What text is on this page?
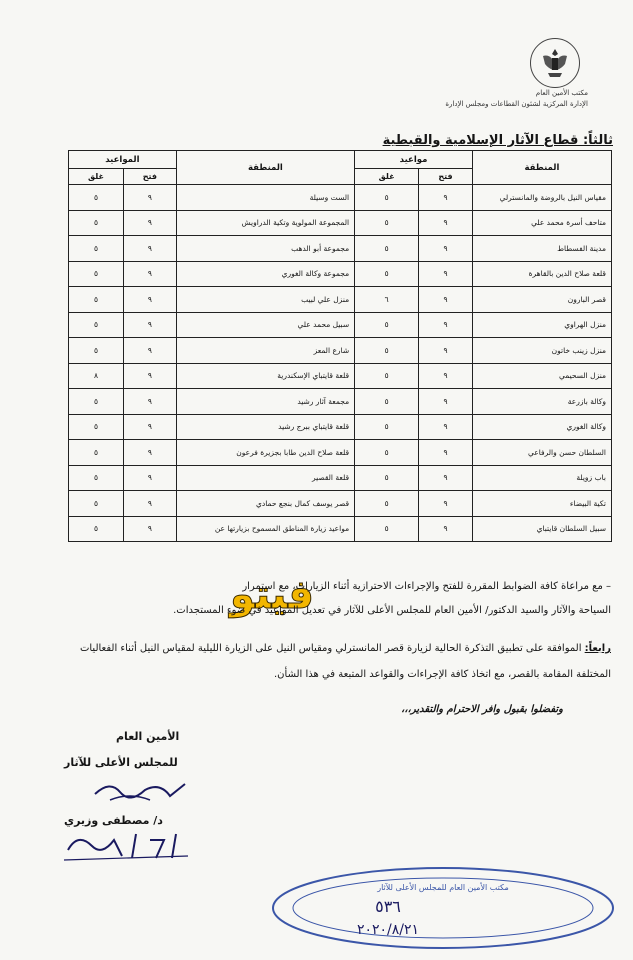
مكتب الأمين العام
الإدارة المركزية لشئون القطاعات ومجلس الإدارة
ثالثاً: قطاع الآثار الإسلامية والقبطية
المنطقة	مواعيد		المنطقة	المواعيد	
	فتح	غلق		فتح	غلق
مقياس النيل بالروضة والمانسترلي	٩	٥	الست وسيلة	٩	٥
متاحف أسرة محمد علي	٩	٥	المجموعة المولوية وتكية الدراويش	٩	٥
مدينة الفسطاط	٩	٥	مجموعة أبو الدهب	٩	٥
قلعة صلاح الدين بالقاهرة	٩	٥	مجموعة وكالة الغوري	٩	٥
قصر البارون	٩	٦	منزل علي لبيب	٩	٥
منزل الهراوي	٩	٥	سبيل محمد علي	٩	٥
منزل زينب خاتون	٩	٥	شارع المعز	٩	٥
منزل السحيمي	٩	٥	قلعة قايتباي الإسكندرية	٩	٨
وكالة بازرعة	٩	٥	مجمعة آثار رشيد	٩	٥
وكالة الغوري	٩	٥	قلعة قايتباي ببرج رشيد	٩	٥
السلطان حسن والرفاعي	٩	٥	قلعة صلاح الدين طابا بجزيرة فرعون	٩	٥
باب زويلة	٩	٥	قلعة القصير	٩	٥
تكية البيضاء	٩	٥	قصر يوسف كمال بنجع حمادي	٩	٥
سبيل السلطان قايتباي	٩	٥	مواعيد زيارة المناطق المسموح بزيارتها عن	٩	٥
فيتو
– مع مراعاة كافة الضوابط المقررة للفتح والإجراءات الاحترازية أثناء الزيارات، مع استمرار
السياحة والآثار والسيد الدكتور/ الأمين العام للمجلس الأعلى للآثار في تعديل المواعيد في ضوء المستجدات.
رابعاً: الموافقة على تطبيق التذكرة الحالية لزيارة قصر المانسترلي ومقياس النيل على الزيارة الليلية لمقياس النيل أثناء الفعاليات
المختلفة المقامة بالقصر، مع اتخاذ كافة الإجراءات والقواعد المتبعة في هذا الشأن.
وتفضلوا بقبول وافر الاحترام والتقدير،،،
الأمين العام
للمجلس الأعلى للآثار
د/ مصطفى وزيري
مكتب الأمين العام للمجلس الأعلى للآثار
٥٣٦
٢٠٢٠/٨/٢١
